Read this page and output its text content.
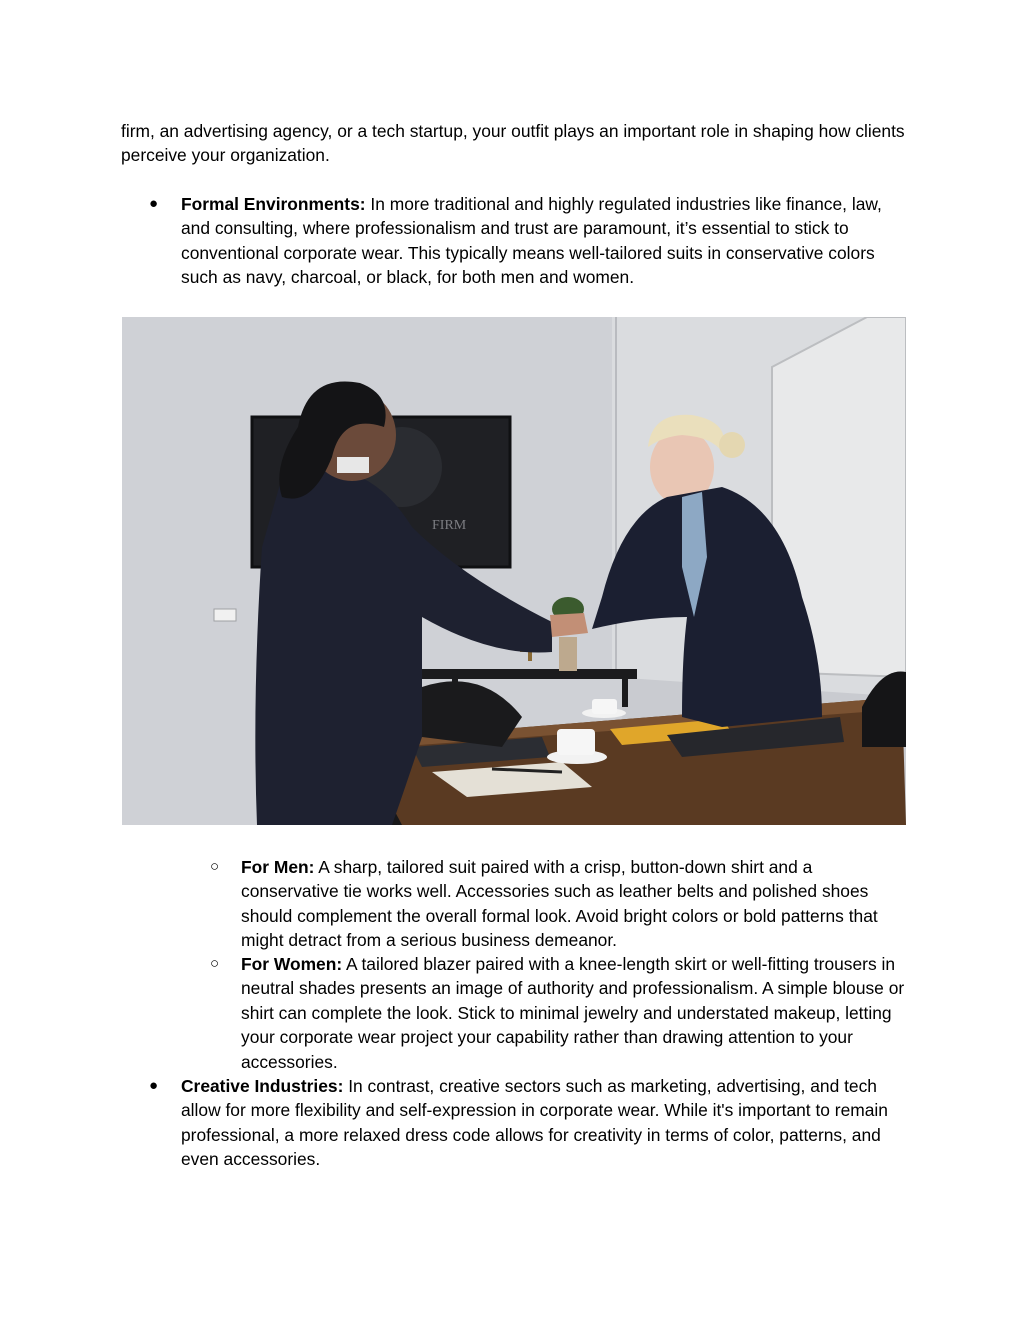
firm, an advertising agency, or a tech startup, your outfit plays an important role in shaping how clients perceive your organization.

● Formal Environments: In more traditional and highly regulated industries like finance, law, and consulting, where professionalism and trust are paramount, it’s essential to stick to conventional corporate wear. This typically means well-tailored suits in conservative colors such as navy, charcoal, or black, for both men and women.
FIRM
○ For Men: A sharp, tailored suit paired with a crisp, button-down shirt and a conservative tie works well. Accessories such as leather belts and polished shoes should complement the overall formal look. Avoid bright colors or bold patterns that might detract from a serious business demeanor.
○ For Women: A tailored blazer paired with a knee-length skirt or well-fitting trousers in neutral shades presents an image of authority and professionalism. A simple blouse or shirt can complete the look. Stick to minimal jewelry and understated makeup, letting your corporate wear project your capability rather than drawing attention to your accessories.
● Creative Industries: In contrast, creative sectors such as marketing, advertising, and tech allow for more flexibility and self-expression in corporate wear. While it's important to remain professional, a more relaxed dress code allows for creativity in terms of color, patterns, and even accessories.
